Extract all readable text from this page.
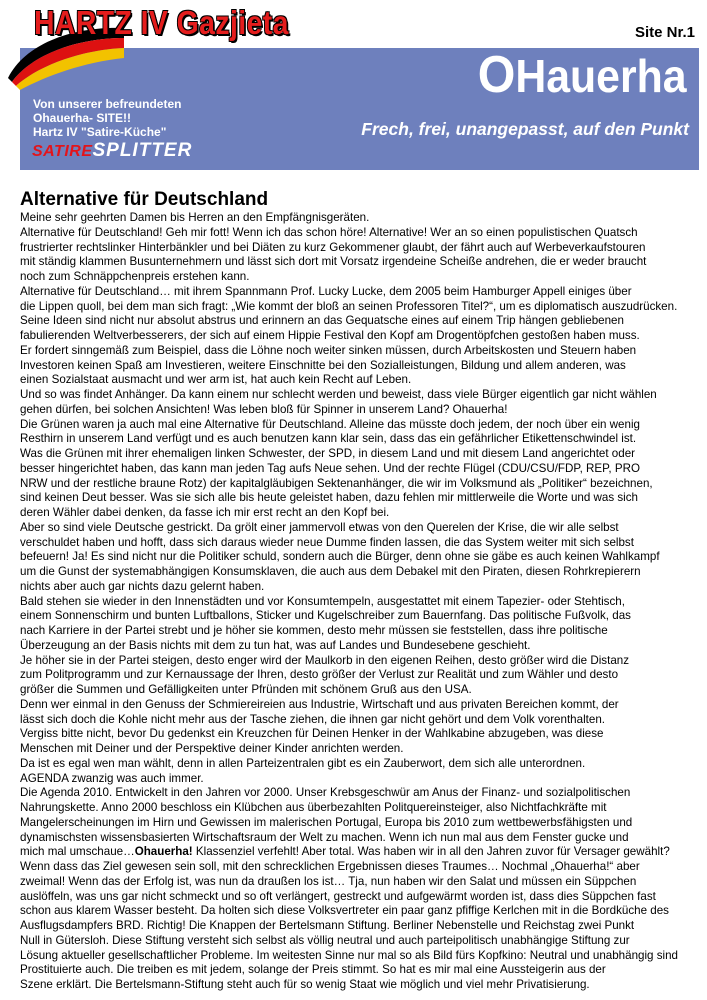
HARTZ IV Gazjieta	Site Nr.1
OHauerha
Frech, frei, unangepasst, auf den Punkt
Von unserer befreundeten
Ohauerha- SITE!!
Hartz IV "Satire-Küche"
SATIRESPLITTER
Alternative für Deutschland
Meine sehr geehrten Damen bis Herren an den Empfängnisgeräten.
Alternative für Deutschland! Geh mir fott! Wenn ich das schon höre! Alternative! Wer an so einen populistischen Quatsch
frustrierter rechtslinker Hinterbänkler und bei Diäten zu kurz Gekommener glaubt, der fährt auch auf Werbeverkaufstouren
mit ständig klammen Busunternehmern und lässt sich dort mit Vorsatz irgendeine Scheiße andrehen, die er weder braucht
noch zum Schnäppchenpreis erstehen kann.
Alternative für Deutschland… mit ihrem Spannmann Prof. Lucky Lucke, dem 2005 beim Hamburger Appell einiges über
die Lippen quoll, bei dem man sich fragt: „Wie kommt der bloß an seinen Professoren Titel?“, um es diplomatisch auszudrücken.
Seine Ideen sind nicht nur absolut abstrus und erinnern an das Gequatsche eines auf einem Trip hängen gebliebenen
fabulierenden Weltverbesserers, der sich auf einem Hippie Festival den Kopf am Drogentöpfchen gestoßen haben muss.
Er fordert sinngemäß zum Beispiel, dass die Löhne noch weiter sinken müssen, durch Arbeitskosten und Steuern haben
Investoren keinen Spaß am Investieren, weitere Einschnitte bei den Sozialleistungen, Bildung und allem anderen, was
einen Sozialstaat ausmacht und wer arm ist, hat auch kein Recht auf Leben.
Und so was findet Anhänger. Da kann einem nur schlecht werden und beweist, dass viele Bürger eigentlich gar nicht wählen
gehen dürfen, bei solchen Ansichten! Was leben bloß für Spinner in unserem Land? Ohauerha!
Die Grünen waren ja auch mal eine Alternative für Deutschland. Alleine das müsste doch jedem, der noch über ein wenig
Resthirn in unserem Land verfügt und es auch benutzen kann klar sein, dass das ein gefährlicher Etikettenschwindel ist.
Was die Grünen mit ihrer ehemaligen linken Schwester, der SPD, in diesem Land und mit diesem Land angerichtet oder
besser hingerichtet haben, das kann man jeden Tag aufs Neue sehen. Und der rechte Flügel (CDU/CSU/FDP, REP, PRO
NRW und der restliche braune Rotz) der kapitalgläubigen Sektenanhänger, die wir im Volksmund als „Politiker“ bezeichnen,
sind keinen Deut besser. Was sie sich alle bis heute geleistet haben, dazu fehlen mir mittlerweile die Worte und was sich
deren Wähler dabei denken, da fasse ich mir erst recht an den Kopf bei.
Aber so sind viele Deutsche gestrickt. Da grölt einer jammervoll etwas von den Querelen der Krise, die wir alle selbst
verschuldet haben und hofft, dass sich daraus wieder neue Dumme finden lassen, die das System weiter mit sich selbst
befeuern! Ja! Es sind nicht nur die Politiker schuld, sondern auch die Bürger, denn ohne sie gäbe es auch keinen Wahlkampf
um die Gunst der systemabhängigen Konsumsklaven, die auch aus dem Debakel mit den Piraten, diesen Rohrkrepierern
nichts aber auch gar nichts dazu gelernt haben.
Bald stehen sie wieder in den Innenstädten und vor Konsumtempeln, ausgestattet mit einem Tapezier- oder Stehtisch,
einem Sonnenschirm und bunten Luftballons, Sticker und Kugelschreiber zum Bauernfang. Das politische Fußvolk, das
nach Karriere in der Partei strebt und je höher sie kommen, desto mehr müssen sie feststellen, dass ihre politische
Überzeugung an der Basis nichts mit dem zu tun hat, was auf Landes und Bundesebene geschieht.
Je höher sie in der Partei steigen, desto enger wird der Maulkorb in den eigenen Reihen, desto größer wird die Distanz
zum Politprogramm und zur Kernaussage der Ihren, desto größer der Verlust zur Realität und zum Wähler und desto
größer die Summen und Gefälligkeiten unter Pfründen mit schönem Gruß aus den USA.
Denn wer einmal in den Genuss der Schmiereireien aus Industrie, Wirtschaft und aus privaten Bereichen kommt, der
lässt sich doch die Kohle nicht mehr aus der Tasche ziehen, die ihnen gar nicht gehört und dem Volk vorenthalten.
Vergiss bitte nicht, bevor Du gedenkst ein Kreuzchen für Deinen Henker in der Wahlkabine abzugeben, was diese
Menschen mit Deiner und der Perspektive deiner Kinder anrichten werden.
Da ist es egal wen man wählt, denn in allen Parteizentralen gibt es ein Zauberwort, dem sich alle unterordnen.
AGENDA zwanzig was auch immer.
Die Agenda 2010. Entwickelt in den Jahren vor 2000. Unser Krebsgeschwür am Anus der Finanz- und sozialpolitischen
Nahrungskette. Anno 2000 beschloss ein Klübchen aus überbezahlten Politquereinsteiger, also Nichtfachkräfte mit
Mangelerscheinungen im Hirn und Gewissen im malerischen Portugal, Europa bis 2010 zum wettbewerbsfähigsten und
dynamischsten wissensbasierten Wirtschaftsraum der Welt zu machen. Wenn ich nun mal aus dem Fenster gucke und
mich mal umschaue…Ohauerha! Klassenziel verfehlt! Aber total. Was haben wir in all den Jahren zuvor für Versager gewählt?
Wenn dass das Ziel gewesen sein soll, mit den schrecklichen Ergebnissen dieses Traumes… Nochmal „Ohauerha!“ aber
zweimal! Wenn das der Erfolg ist, was nun da draußen los ist… Tja, nun haben wir den Salat und müssen ein Süppchen
auslöffeln, was uns gar nicht schmeckt und so oft verlängert, gestreckt und aufgewärmt worden ist, dass dies Süppchen fast
schon aus klarem Wasser besteht. Da holten sich diese Volksvertreter ein paar ganz pfiffige Kerlchen mit in die Bordküche des
Ausflugsdampfers BRD. Richtig! Die Knappen der Bertelsmann Stiftung. Berliner Nebenstelle und Reichstag zwei Punkt
Null in Gütersloh. Diese Stiftung versteht sich selbst als völlig neutral und auch parteipolitisch unabhängige Stiftung zur
Lösung aktueller gesellschaftlicher Probleme. Im weitesten Sinne nur mal so als Bild fürs Kopfkino: Neutral und unabhängig sind
Prostituierte auch. Die treiben es mit jedem, solange der Preis stimmt. So hat es mir mal eine Aussteigerin aus der
Szene erklärt. Die Bertelsmann-Stiftung steht auch für so wenig Staat wie möglich und viel mehr Privatisierung.
